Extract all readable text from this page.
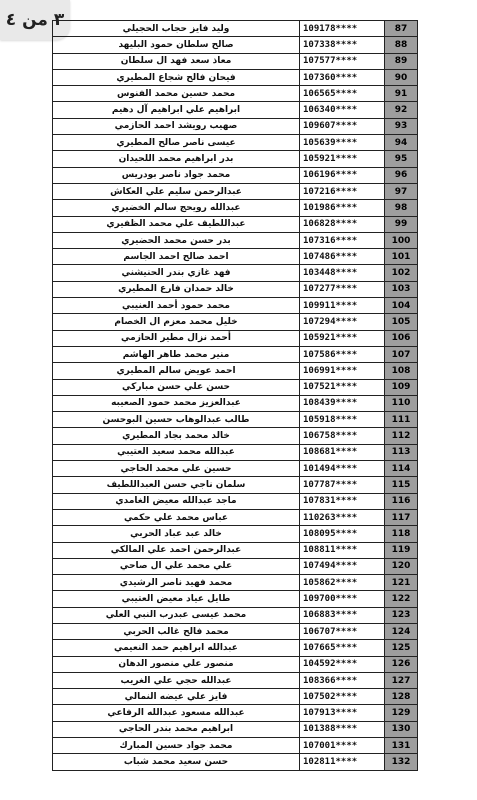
٣ من ٤	وليد فايز حجاب الحجيلي	109178****	87
صالح سلطان حمود البليهد	107338****	88
معاذ سعد فهد ال سلطان	107577****	89
فيحان فالح شجاع المطيري	107360****	90
محمد حسين محمد الفنوس	106565****	91
ابراهيم علي ابراهيم آل دهيم	106340****	92
صهيب رويشد احمد الحازمي	109607****	93
عيسى ناصر صالح المطيري	105639****	94
بدر ابراهيم محمد اللحيدان	105921****	95
محمد جواد ناصر بودريس	106196****	96
عبدالرحمن سليم علي العكاش	107216****	97
عبدالله رويحج سالم الخضيري	101986****	98
عبداللطيف علي محمد الظفيري	106828****	99
بدر حسن محمد الحضيري	107316****	100
احمد صالح احمد الجاسم	107486****	101
فهد غازي بندر الحنيشني	103448****	102
خالد حمدان فارع المطيري	107277****	103
محمد حمود أحمد العنيبي	109911****	104
خليل محمد معزم ال الخصام	107294****	105
أحمد نزال مطير الحازمي	105921****	106
منير محمد طاهر الهاشم	107586****	107
احمد عويض سالم المطيري	106991****	108
حسن علي حسن مباركي	107521****	109
عبدالعزيز محمد حمود الصعيبه	108439****	110
طالب عبدالوهاب حسين البوحسن	105918****	111
خالد محمد بجاد المطيري	106758****	112
عبدالله محمد سعيد العتيبي	108681****	113
حسين علي محمد الحاجي	101494****	114
سلمان ناجي حسن العبداللطيف	107787****	115
ماجد عبدالله معيض الغامدي	107831****	116
عباس محمد علي حكمي	110263****	117
خالد عبد عباد الحربي	108095****	118
عبدالرحمن احمد علي المالكي	108811****	119
علي محمد علي ال صاحي	107494****	120
محمد فهيد ناصر الرشيدي	105862****	121
طايل عياد معيض العتيبي	109700****	122
محمد عيسى عبدرب النبي العلي	106883****	123
محمد فالح غالب الحربي	106707****	124
عبدالله ابراهيم حمد النعيمي	107665****	125
منصور علي منصور الدهان	104592****	126
عبدالله حجي علي الغريب	108366****	127
فايز علي عيضه النمالي	107502****	128
عبدالله مسعود عبدالله الرفاعي	107913****	129
ابراهيم محمد بندر الحاجي	101388****	130
محمد جواد حسين المبارك	107001****	131
حسن سعيد محمد شباب	102811****	132
